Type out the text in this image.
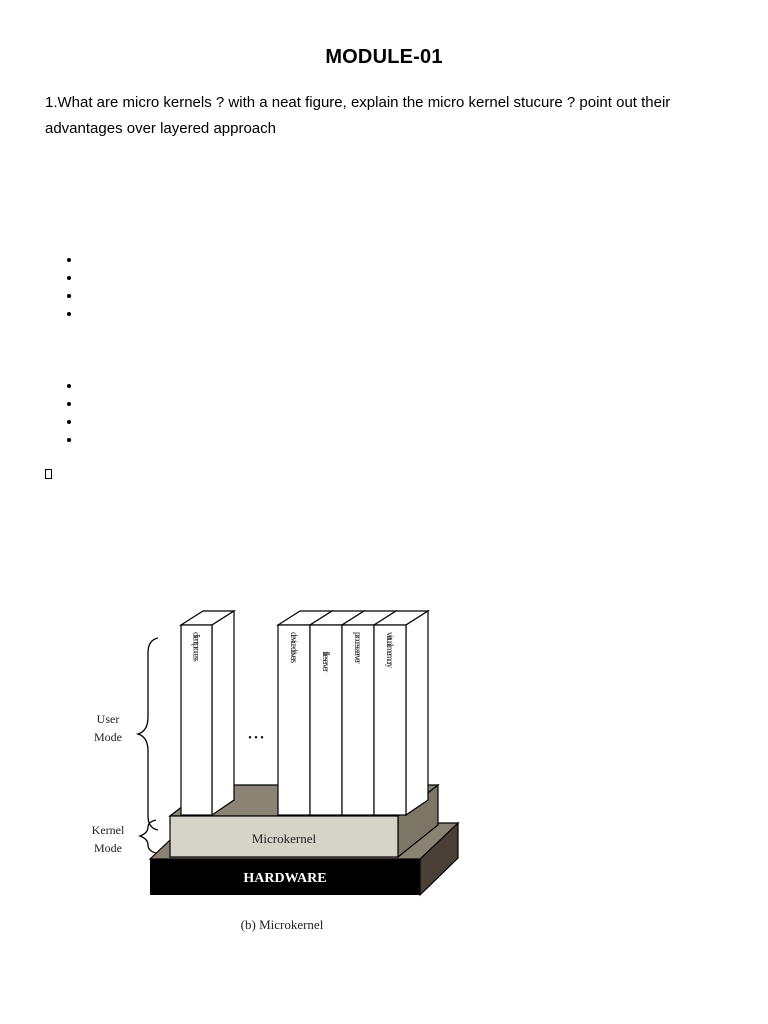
MODULE-01
1.What are micro kernels ? with a neat figure, explain the micro kernel stucure ? point out their advantages over layered approach
HARDWARE
Microkernel
client process
• • •
device drivers file server process server virtual memory
User
Mode
Kernel
Mode
(b) Microkernel
